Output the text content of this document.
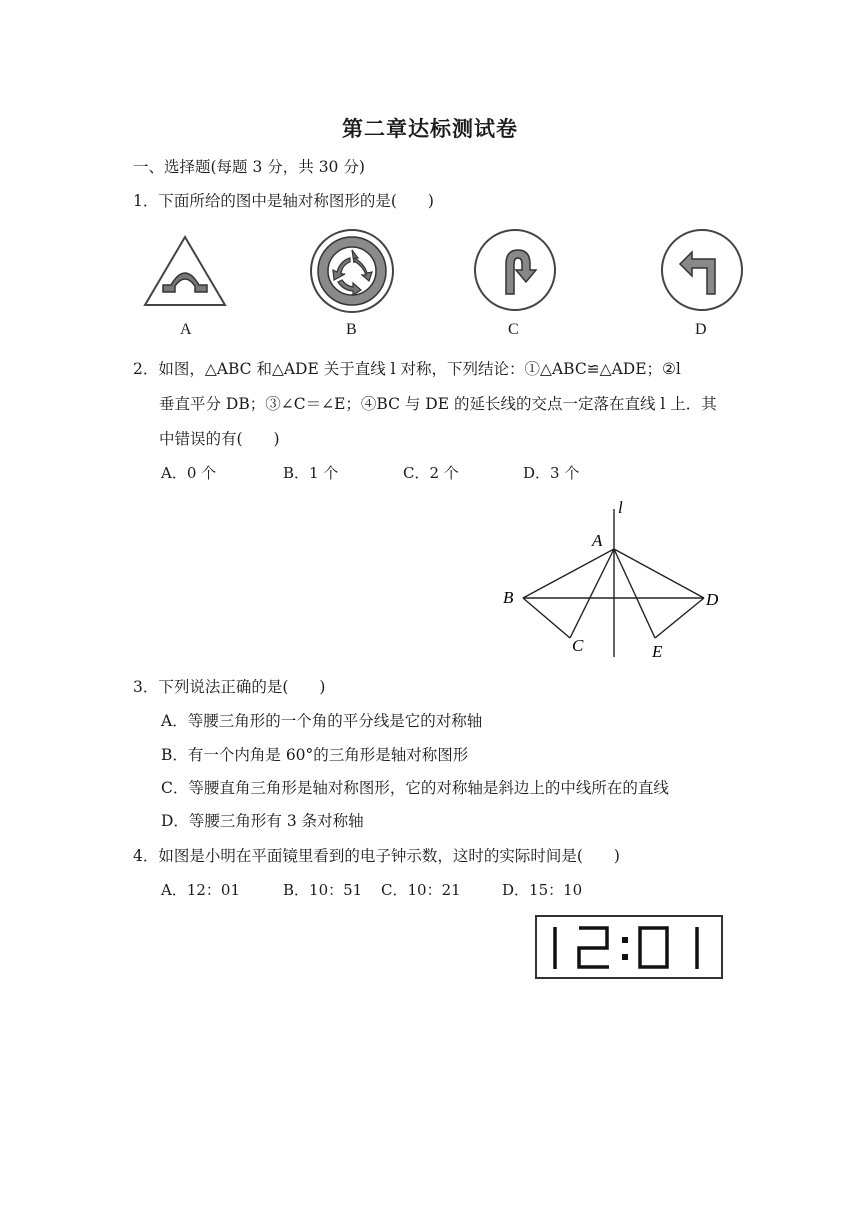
第二章达标测试卷
一、选择题(每题 3 分，共 30 分)
1．下面所给的图中是轴对称图形的是(　　)
A	B	C	D
2．如图，△ABC 和△ADE 关于直线 l 对称，下列结论：①△ABC≌△ADE；②l
垂直平分 DB；③∠C＝∠E；④BC 与 DE 的延长线的交点一定落在直线 l 上．其
中错误的有(　　)
A．0 个	B．1 个	C．2 个	D．3 个
l
A
B
C
D
E
3．下列说法正确的是(　　)
A．等腰三角形的一个角的平分线是它的对称轴
B．有一个内角是 60°的三角形是轴对称图形
C．等腰直角三角形是轴对称图形，它的对称轴是斜边上的中线所在的直线
D．等腰三角形有 3 条对称轴
4．如图是小明在平面镜里看到的电子钟示数，这时的实际时间是(　　)
A．12：01	B．10：51 C．10：21	D．15：10
